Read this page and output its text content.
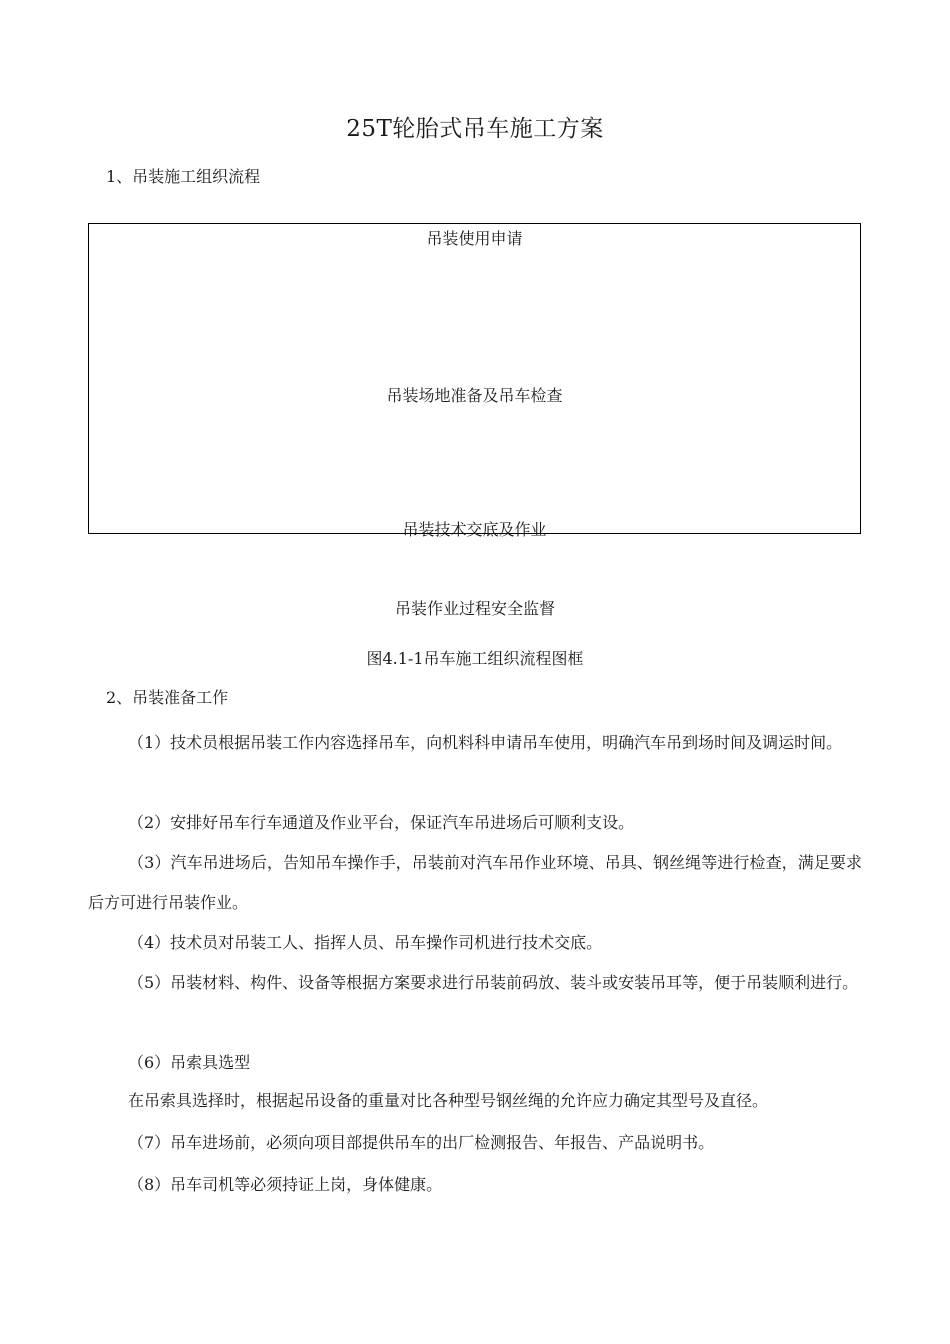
25T轮胎式吊车施工方案
1、吊装施工组织流程
吊装使用申请
吊装场地准备及吊车检查
吊装技术交底及作业
吊装作业过程安全监督
图4.1-1吊车施工组织流程图框
2、吊装准备工作
（1）技术员根据吊装工作内容选择吊车，向机料科申请吊车使用，明确汽车吊到场时间及调运时间。
（2）安排好吊车行车通道及作业平台，保证汽车吊进场后可顺利支设。
（3）汽车吊进场后，告知吊车操作手，吊装前对汽车吊作业环境、吊具、钢丝绳等进行检查，满足要求后方可进行吊装作业。
（4）技术员对吊装工人、指挥人员、吊车操作司机进行技术交底。
（5）吊装材料、构件、设备等根据方案要求进行吊装前码放、装斗或安装吊耳等，便于吊装顺利进行。
（6）吊索具选型
在吊索具选择时，根据起吊设备的重量对比各种型号钢丝绳的允许应力确定其型号及直径。
（7）吊车进场前，必须向项目部提供吊车的出厂检测报告、年报告、产品说明书。
（8）吊车司机等必须持证上岗，身体健康。
